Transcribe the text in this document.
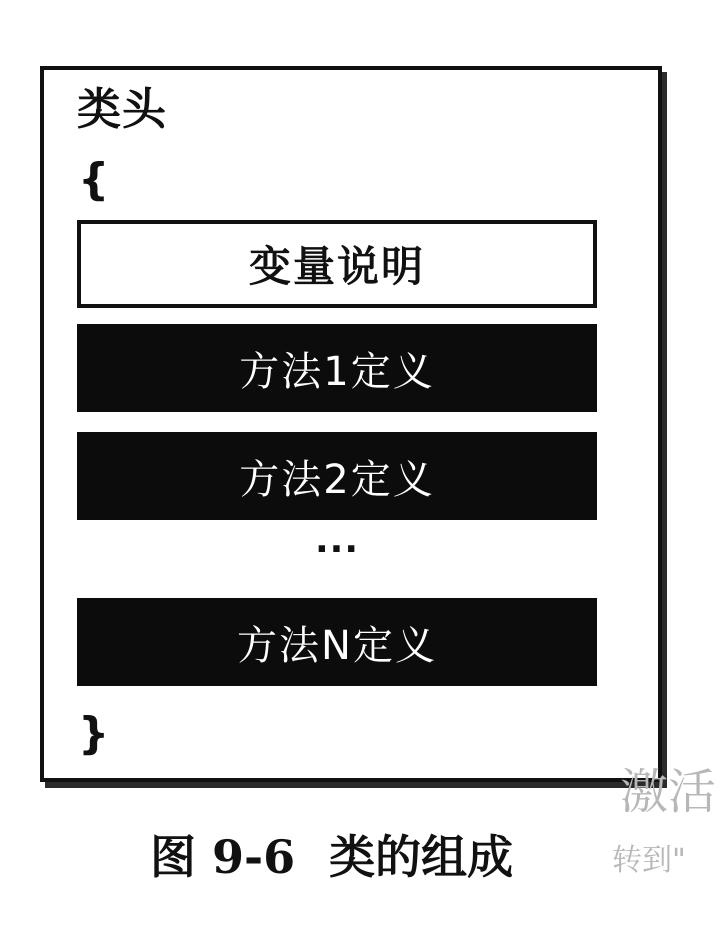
类头
{
变量说明
方法1定义
方法2定义
···
方法N定义
}
图 9-6 类的组成
激活
转到"
